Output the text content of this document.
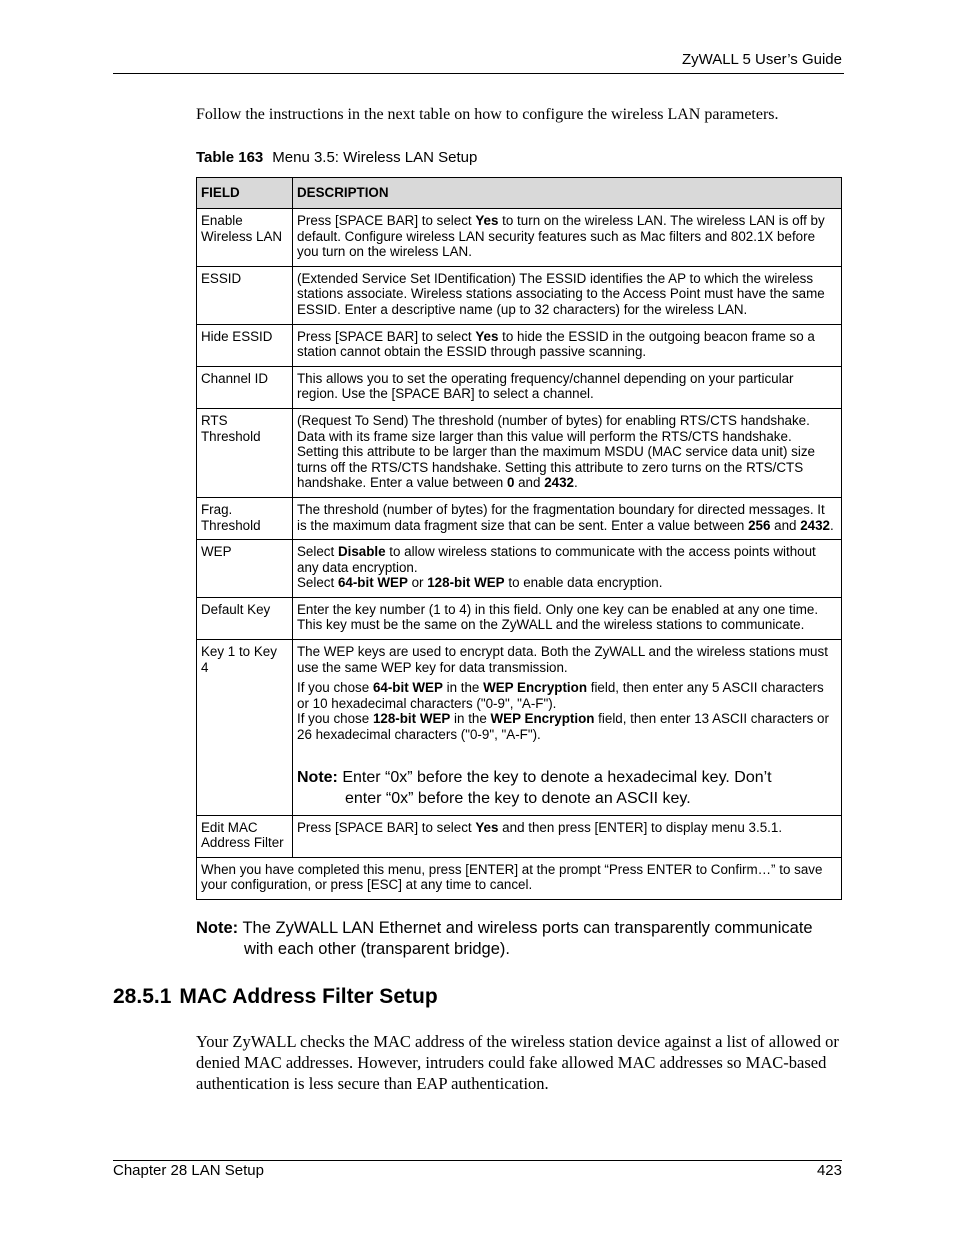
ZyWALL 5 User’s Guide
Follow the instructions in the next table on how to configure the wireless LAN parameters.
Table 163 Menu 3.5: Wireless LAN Setup
FIELD	DESCRIPTION
Enable Wireless LAN	Press [SPACE BAR] to select Yes to turn on the wireless LAN. The wireless LAN is off by default. Configure wireless LAN security features such as Mac filters and 802.1X before you turn on the wireless LAN.
ESSID	(Extended Service Set IDentification) The ESSID identifies the AP to which the wireless stations associate. Wireless stations associating to the Access Point must have the same ESSID. Enter a descriptive name (up to 32 characters) for the wireless LAN.
Hide ESSID	Press [SPACE BAR] to select Yes to hide the ESSID in the outgoing beacon frame so a station cannot obtain the ESSID through passive scanning.
Channel ID	This allows you to set the operating frequency/channel depending on your particular region. Use the [SPACE BAR] to select a channel.
RTS Threshold	(Request To Send) The threshold (number of bytes) for enabling RTS/CTS handshake. Data with its frame size larger than this value will perform the RTS/CTS handshake. Setting this attribute to be larger than the maximum MSDU (MAC service data unit) size turns off the RTS/CTS handshake. Setting this attribute to zero turns on the RTS/CTS handshake. Enter a value between 0 and 2432.
Frag. Threshold	The threshold (number of bytes) for the fragmentation boundary for directed messages. It is the maximum data fragment size that can be sent. Enter a value between 256 and 2432.
WEP	Select Disable to allow wireless stations to communicate with the access points without any data encryption.
Select 64-bit WEP or 128-bit WEP to enable data encryption.

Default Key	Enter the key number (1 to 4) in this field. Only one key can be enabled at any one time. This key must be the same on the ZyWALL and the wireless stations to communicate.
Key 1 to Key 4	The WEP keys are used to encrypt data. Both the ZyWALL and the wireless stations must use the same WEP key for data transmission.
If you chose 64-bit WEP in the WEP Encryption field, then enter any 5 ASCII characters or 10 hexadecimal characters ("0-9", "A-F").
If you chose 128-bit WEP in the WEP Encryption field, then enter 13 ASCII characters or 26 hexadecimal characters ("0-9", "A-F").
Note: Enter “0x” before the key to denote a hexadecimal key. Don’t
enter “0x” before the key to denote an ASCII key.

Edit MAC Address Filter	Press [SPACE BAR] to select Yes and then press [ENTER] to display menu 3.5.1.
When you have completed this menu, press [ENTER] at the prompt “Press ENTER to Confirm…” to save your configuration, or press [ESC] at any time to cancel.	
Note: The ZyWALL LAN Ethernet and wireless ports can transparently communicate
with each other (transparent bridge).
28.5.1 MAC Address Filter Setup
Your ZyWALL checks the MAC address of the wireless station device against a list of allowed or denied MAC addresses. However, intruders could fake allowed MAC addresses so MAC-based authentication is less secure than EAP authentication.
Chapter 28 LAN Setup	423
